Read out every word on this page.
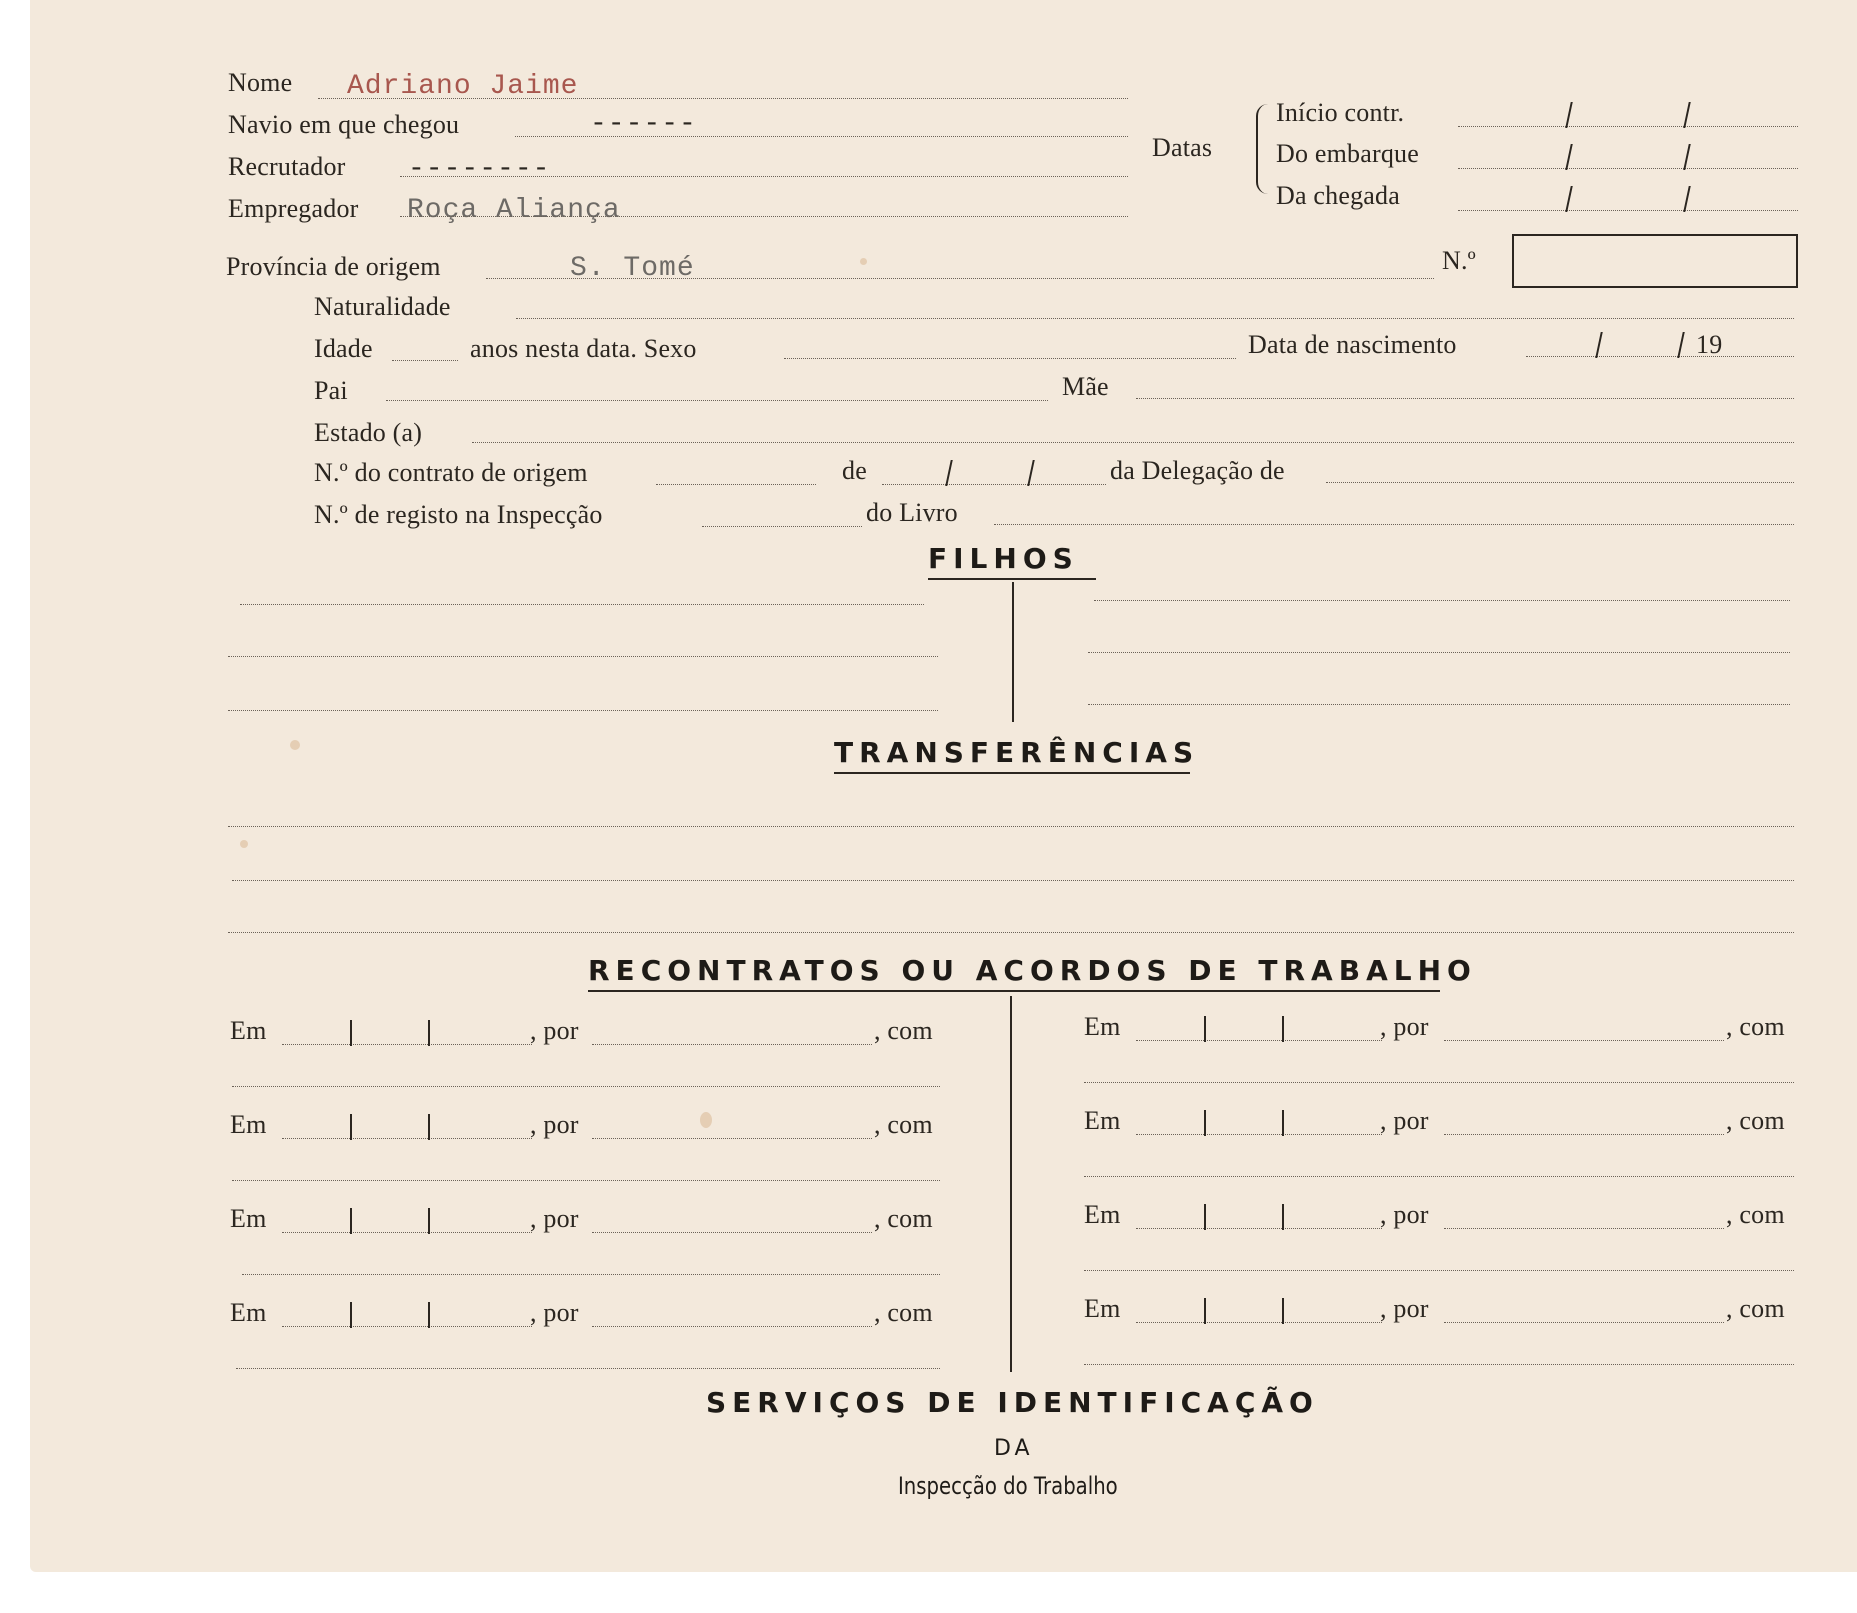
Nome Adriano Jaime
Navio em que chegou	------
Recrutador --------
Empregador Roça Aliança
Datas
Início contr.
Do embarque
Da chegada
Província de origem	S. Tomé	N.º
Naturalidade
Idade	anos nesta data. Sexo	Data de nascimento	19
Pai	Mãe
Estado (a)
N.º do contrato de origem	de	da Delegação de
N.º de registo na Inspecção	do Livro
FILHOS
TRANSFERÊNCIAS
RECONTRATOS OU ACORDOS DE TRABALHO
Em	, por	, com
Em	, por	, com
Em	, por	, com
Em	, por	, com
Em	, por	, com
Em	, por	, com
Em	, por	, com
Em	, por	, com
SERVIÇOS DE IDENTIFICAÇÃO
DA
Inspecção do Trabalho
